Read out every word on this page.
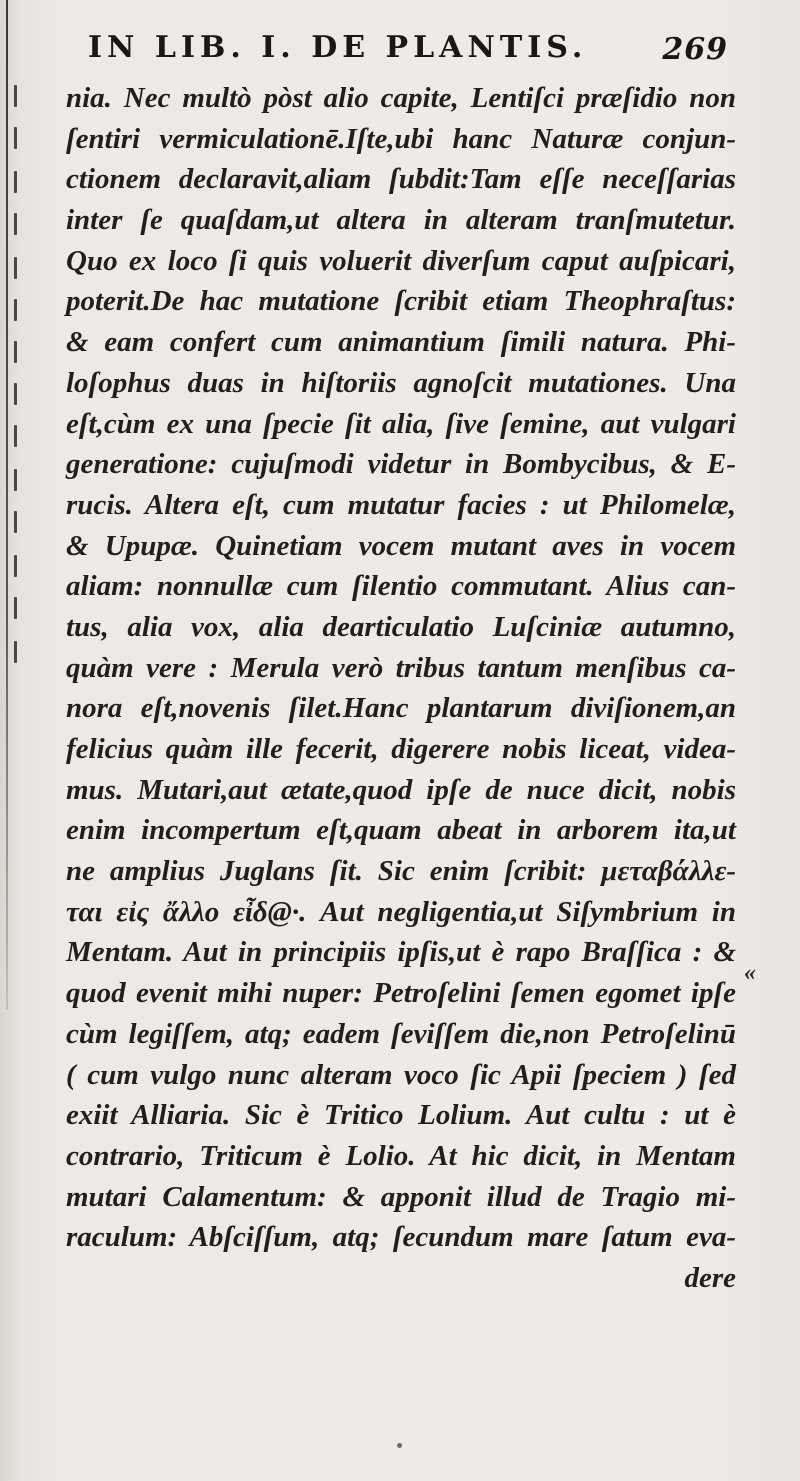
IN LIB. I. DE PLANTIS.	269
nia. Nec multò pòst alio capite, Lentiſci præſidio non
ſentiri vermiculationē.Iſte,ubi hanc Naturæ conjun-
ctionem declaravit,aliam ſubdit:Tam eſſe neceſſarias
inter ſe quaſdam,ut altera in alteram tranſmutetur.
Quo ex loco ſi quis voluerit diverſum caput auſpicari,
poterit.De hac mutatione ſcribit etiam Theophraſtus:
& eam confert cum animantium ſimili natura. Phi-
loſophus duas in hiſtoriis agnoſcit mutationes. Una
eſt,cùm ex una ſpecie ſit alia, ſive ſemine, aut vulgari
generatione: cujuſmodi videtur in Bombycibus, & E-
rucis. Altera eſt, cum mutatur facies : ut Philomelæ,
& Upupæ. Quinetiam vocem mutant aves in vocem
aliam: nonnullæ cum ſilentio commutant. Alius can-
tus, alia vox, alia dearticulatio Luſciniæ autumno,
quàm vere : Merula verò tribus tantum menſibus ca-
nora eſt,novenis ſilet.Hanc plantarum diviſionem,an
felicius quàm ille fecerit, digerere nobis liceat, videa-
mus. Mutari,aut ætate,quod ipſe de nuce dicit, nobis
enim incompertum eſt,quam abeat in arborem ita,ut
ne amplius Juglans ſit. Sic enim ſcribit: μεταβάλλε-
ται εἰς ἄλλο εἶδ@·. Aut negligentia,ut Siſymbrium in
Mentam. Aut in principiis ipſis,ut è rapo Braſſica : &
quod evenit mihi nuper: Petroſelini ſemen egomet ipſe
cùm legiſſem, atq; eadem ſeviſſem die,non Petroſelinū
( cum vulgo nunc alteram voco ſic Apii ſpeciem ) ſed
exiit Alliaria. Sic è Tritico Lolium. Aut cultu : ut è
contrario, Triticum è Lolio. At hic dicit, in Mentam
mutari Calamentum: & apponit illud de Tragio mi-
raculum: Abſciſſum, atq; ſecundum mare ſatum eva-
dere
«
